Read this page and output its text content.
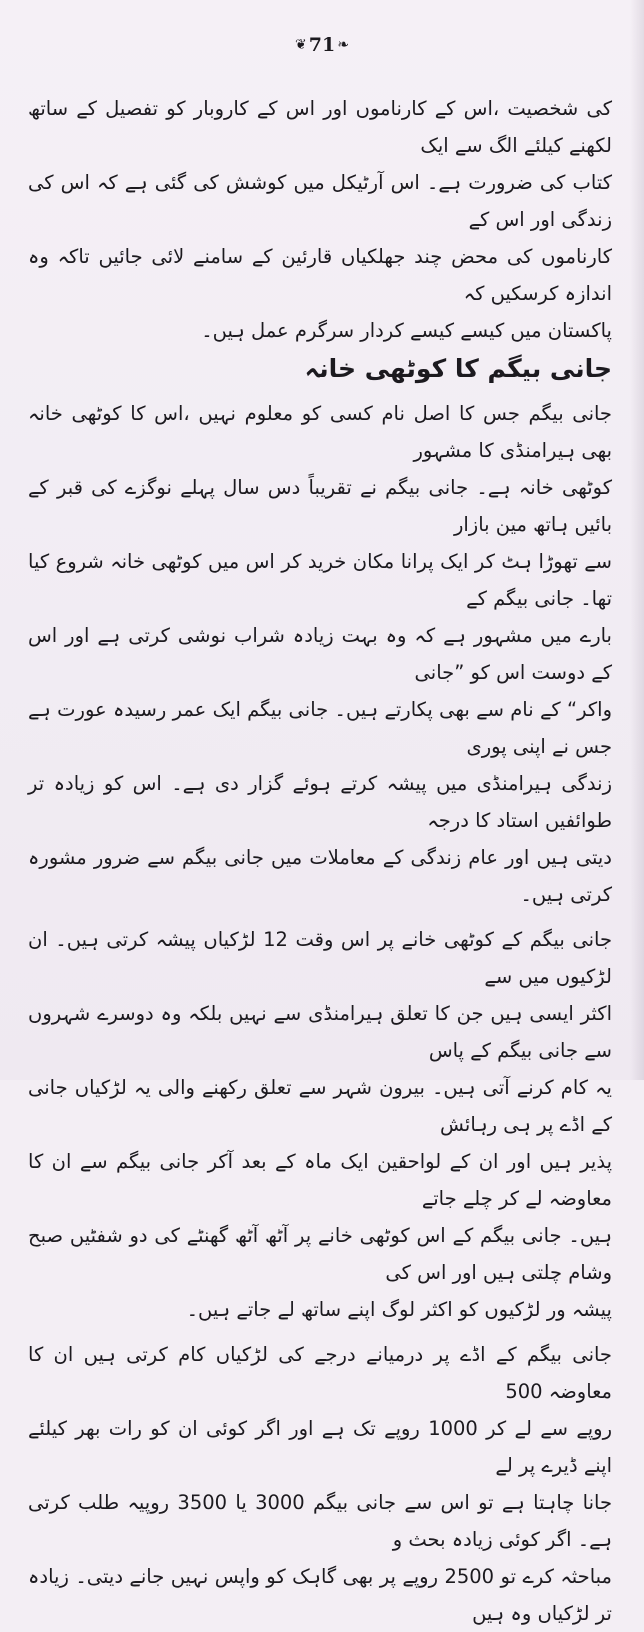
❦ 71 ❧

کی شخصیت ،اس کے کارناموں اور اس کے کاروبار کو تفصیل کے ساتھ لکھنے کیلئے الگ سے ایک

کتاب کی ضرورت ہے۔ اس آرٹیکل میں کوشش کی گئی ہے کہ اس کی زندگی اور اس کے

کارناموں کی محض چند جھلکیاں قارئین کے سامنے لائی جائیں تاکہ وہ اندازہ کرسکیں کہ

پاکستان میں کیسے کیسے کردار سرگرم عمل ہیں۔

جانی بیگم کا کوٹھی خانہ

جانی بیگم جس کا اصل نام کسی کو معلوم نہیں ،اس کا کوٹھی خانہ بھی ہیرامنڈی کا مشہور

کوٹھی خانہ ہے۔ جانی بیگم نے تقریباً دس سال پہلے نوگزے کی قبر کے بائیں ہاتھ مین بازار

سے تھوڑا ہٹ کر ایک پرانا مکان خرید کر اس میں کوٹھی خانہ شروع کیا تھا۔ جانی بیگم کے

بارے میں مشہور ہے کہ وہ بہت زیادہ شراب نوشی کرتی ہے اور اس کے دوست اس کو ”جانی

واکر“ کے نام سے بھی پکارتے ہیں۔ جانی بیگم ایک عمر رسیدہ عورت ہے جس نے اپنی پوری

زندگی ہیرامنڈی میں پیشہ کرتے ہوئے گزار دی ہے۔ اس کو زیادہ تر طوائفیں استاد کا درجہ

دیتی ہیں اور عام زندگی کے معاملات میں جانی بیگم سے ضرور مشورہ کرتی ہیں۔

جانی بیگم کے کوٹھی خانے پر اس وقت 12 لڑکیاں پیشہ کرتی ہیں۔ ان لڑکیوں میں سے

اکثر ایسی ہیں جن کا تعلق ہیرامنڈی سے نہیں بلکہ وہ دوسرے شہروں سے جانی بیگم کے پاس

یہ کام کرنے آتی ہیں۔ بیرون شہر سے تعلق رکھنے والی یہ لڑکیاں جانی کے اڈے پر ہی رہائش

پذیر ہیں اور ان کے لواحقین ایک ماہ کے بعد آکر جانی بیگم سے ان کا معاوضہ لے کر چلے جاتے

ہیں۔ جانی بیگم کے اس کوٹھی خانے پر آٹھ آٹھ گھنٹے کی دو شفٹیں صبح وشام چلتی ہیں اور اس کی

پیشہ ور لڑکیوں کو اکثر لوگ اپنے ساتھ لے جاتے ہیں۔

جانی بیگم کے اڈے پر درمیانے درجے کی لڑکیاں کام کرتی ہیں ان کا معاوضہ 500

روپے سے لے کر 1000 روپے تک ہے اور اگر کوئی ان کو رات بھر کیلئے اپنے ڈیرے پر لے

جانا چاہتا ہے تو اس سے جانی بیگم 3000 یا 3500 روپیہ طلب کرتی ہے۔ اگر کوئی زیادہ بحث و

مباحثہ کرے تو 2500 روپے پر بھی گاہک کو واپس نہیں جانے دیتی۔ زیادہ تر لڑکیاں وہ ہیں
